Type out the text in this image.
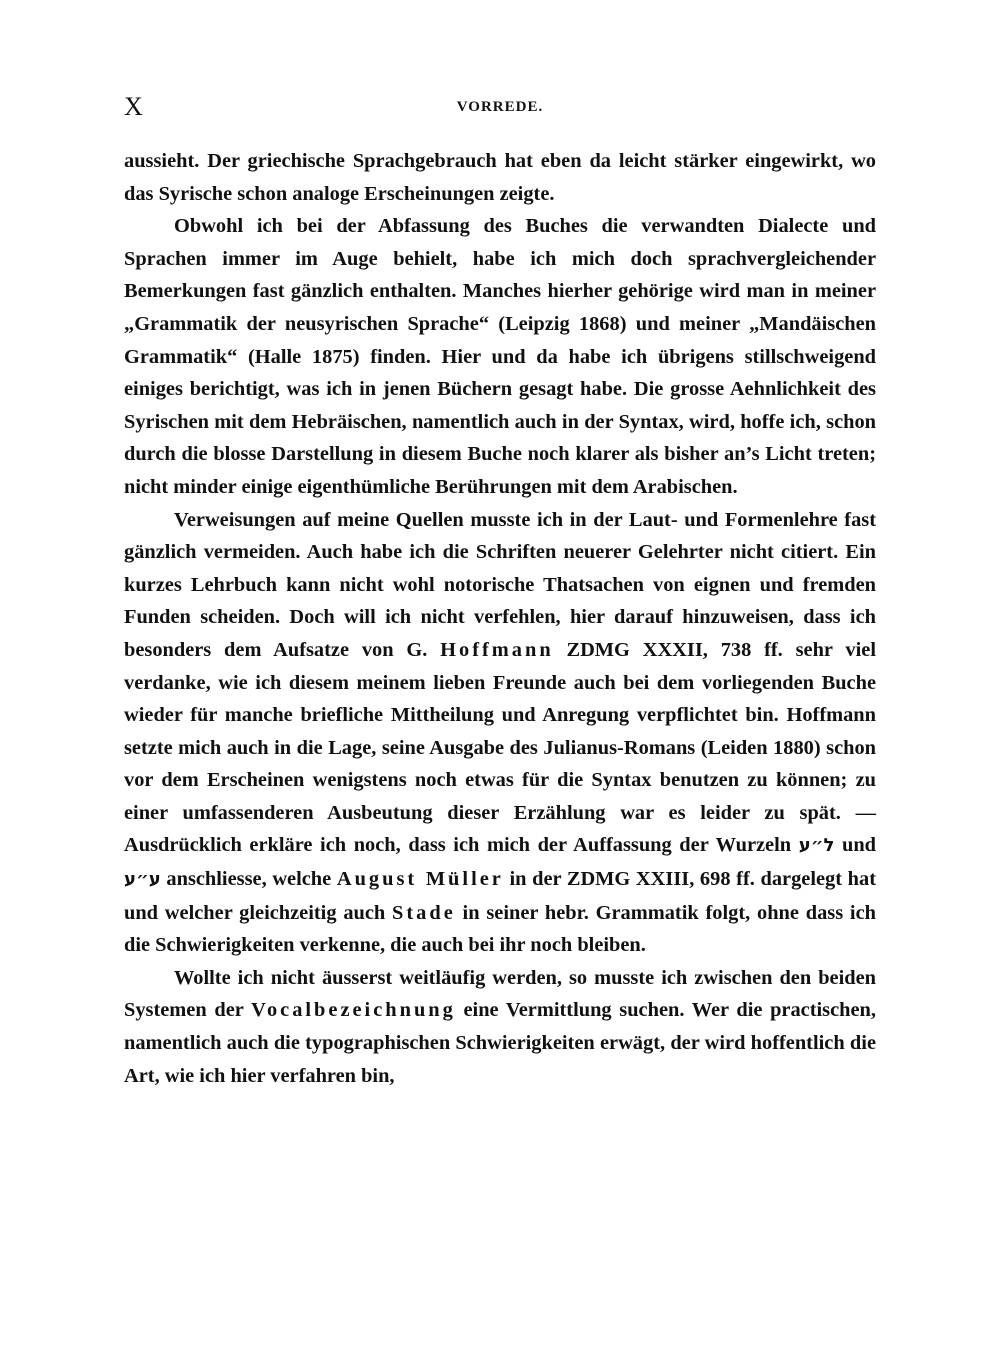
X	VORREDE.

aussieht. Der griechische Sprachgebrauch hat eben da leicht stärker eingewirkt, wo das Syrische schon analoge Erscheinungen zeigte.

Obwohl ich bei der Abfassung des Buches die verwandten Dialecte und Sprachen immer im Auge behielt, habe ich mich doch sprachvergleichender Bemerkungen fast gänzlich enthalten. Manches hierher gehörige wird man in meiner „Grammatik der neusyrischen Sprache“ (Leipzig 1868) und meiner „Mandäischen Grammatik“ (Halle 1875) finden. Hier und da habe ich übrigens stillschweigend einiges berichtigt, was ich in jenen Büchern gesagt habe. Die grosse Aehnlichkeit des Syrischen mit dem Hebräischen, namentlich auch in der Syntax, wird, hoffe ich, schon durch die blosse Darstellung in diesem Buche noch klarer als bisher an’s Licht treten; nicht minder einige eigenthümliche Berührungen mit dem Arabischen.

Verweisungen auf meine Quellen musste ich in der Laut- und Formenlehre fast gänzlich vermeiden. Auch habe ich die Schriften neuerer Gelehrter nicht citiert. Ein kurzes Lehrbuch kann nicht wohl notorische Thatsachen von eignen und fremden Funden scheiden. Doch will ich nicht verfehlen, hier darauf hinzuweisen, dass ich besonders dem Aufsatze von G. Hoffmann ZDMG XXXII, 738 ff. sehr viel verdanke, wie ich diesem meinem lieben Freunde auch bei dem vorliegenden Buche wieder für manche briefliche Mittheilung und Anregung verpflichtet bin. Hoffmann setzte mich auch in die Lage, seine Ausgabe des Julianus-Romans (Leiden 1880) schon vor dem Erscheinen wenigstens noch etwas für die Syntax benutzen zu können; zu einer umfassenderen Ausbeutung dieser Erzählung war es leider zu spät. — Ausdrücklich erkläre ich noch, dass ich mich der Auffassung der Wurzeln ל״ע und ע״ע anschliesse, welche August Müller in der ZDMG XXIII, 698 ff. dargelegt hat und welcher gleichzeitig auch Stade in seiner hebr. Grammatik folgt, ohne dass ich die Schwierigkeiten verkenne, die auch bei ihr noch bleiben.

Wollte ich nicht äusserst weitläufig werden, so musste ich zwischen den beiden Systemen der Vocalbezeichnung eine Vermittlung suchen. Wer die practischen, namentlich auch die typographischen Schwierigkeiten erwägt, der wird hoffentlich die Art, wie ich hier verfahren bin,
